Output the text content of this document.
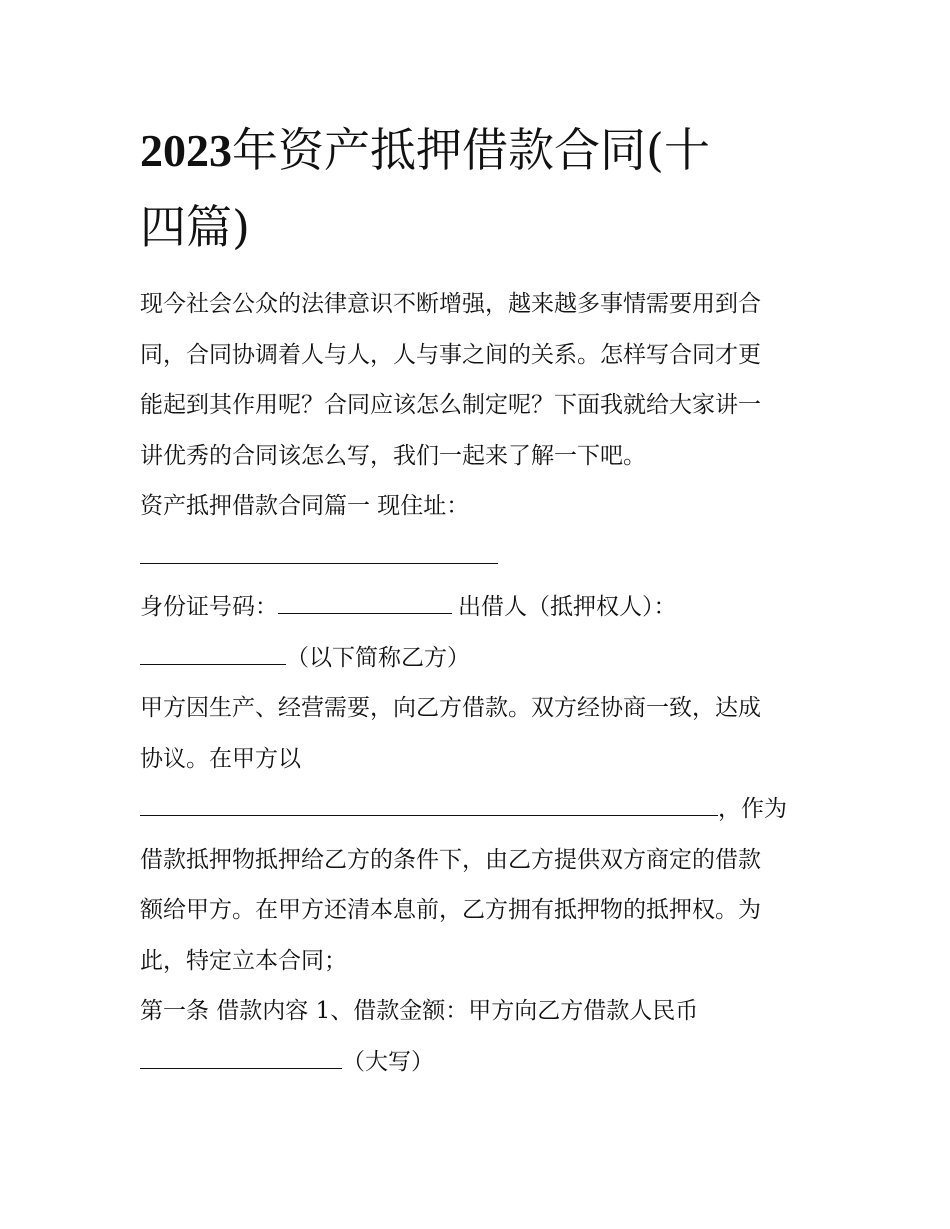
2023年资产抵押借款合同(十
四篇)
现今社会公众的法律意识不断增强，越来越多事情需要用到合
同，合同协调着人与人，人与事之间的关系。怎样写合同才更
能起到其作用呢？合同应该怎么制定呢？下面我就给大家讲一
讲优秀的合同该怎么写，我们一起来了解一下吧。
资产抵押借款合同篇一 现住址：
身份证号码：	出借人（抵押权人）：
（以下简称乙方）
甲方因生产、经营需要，向乙方借款。双方经协商一致，达成
协议。在甲方以
，作为
借款抵押物抵押给乙方的条件下，由乙方提供双方商定的借款
额给甲方。在甲方还清本息前，乙方拥有抵押物的抵押权。为
此，特定立本合同；
第一条 借款内容 1、借款金额：甲方向乙方借款人民币
（大写）
